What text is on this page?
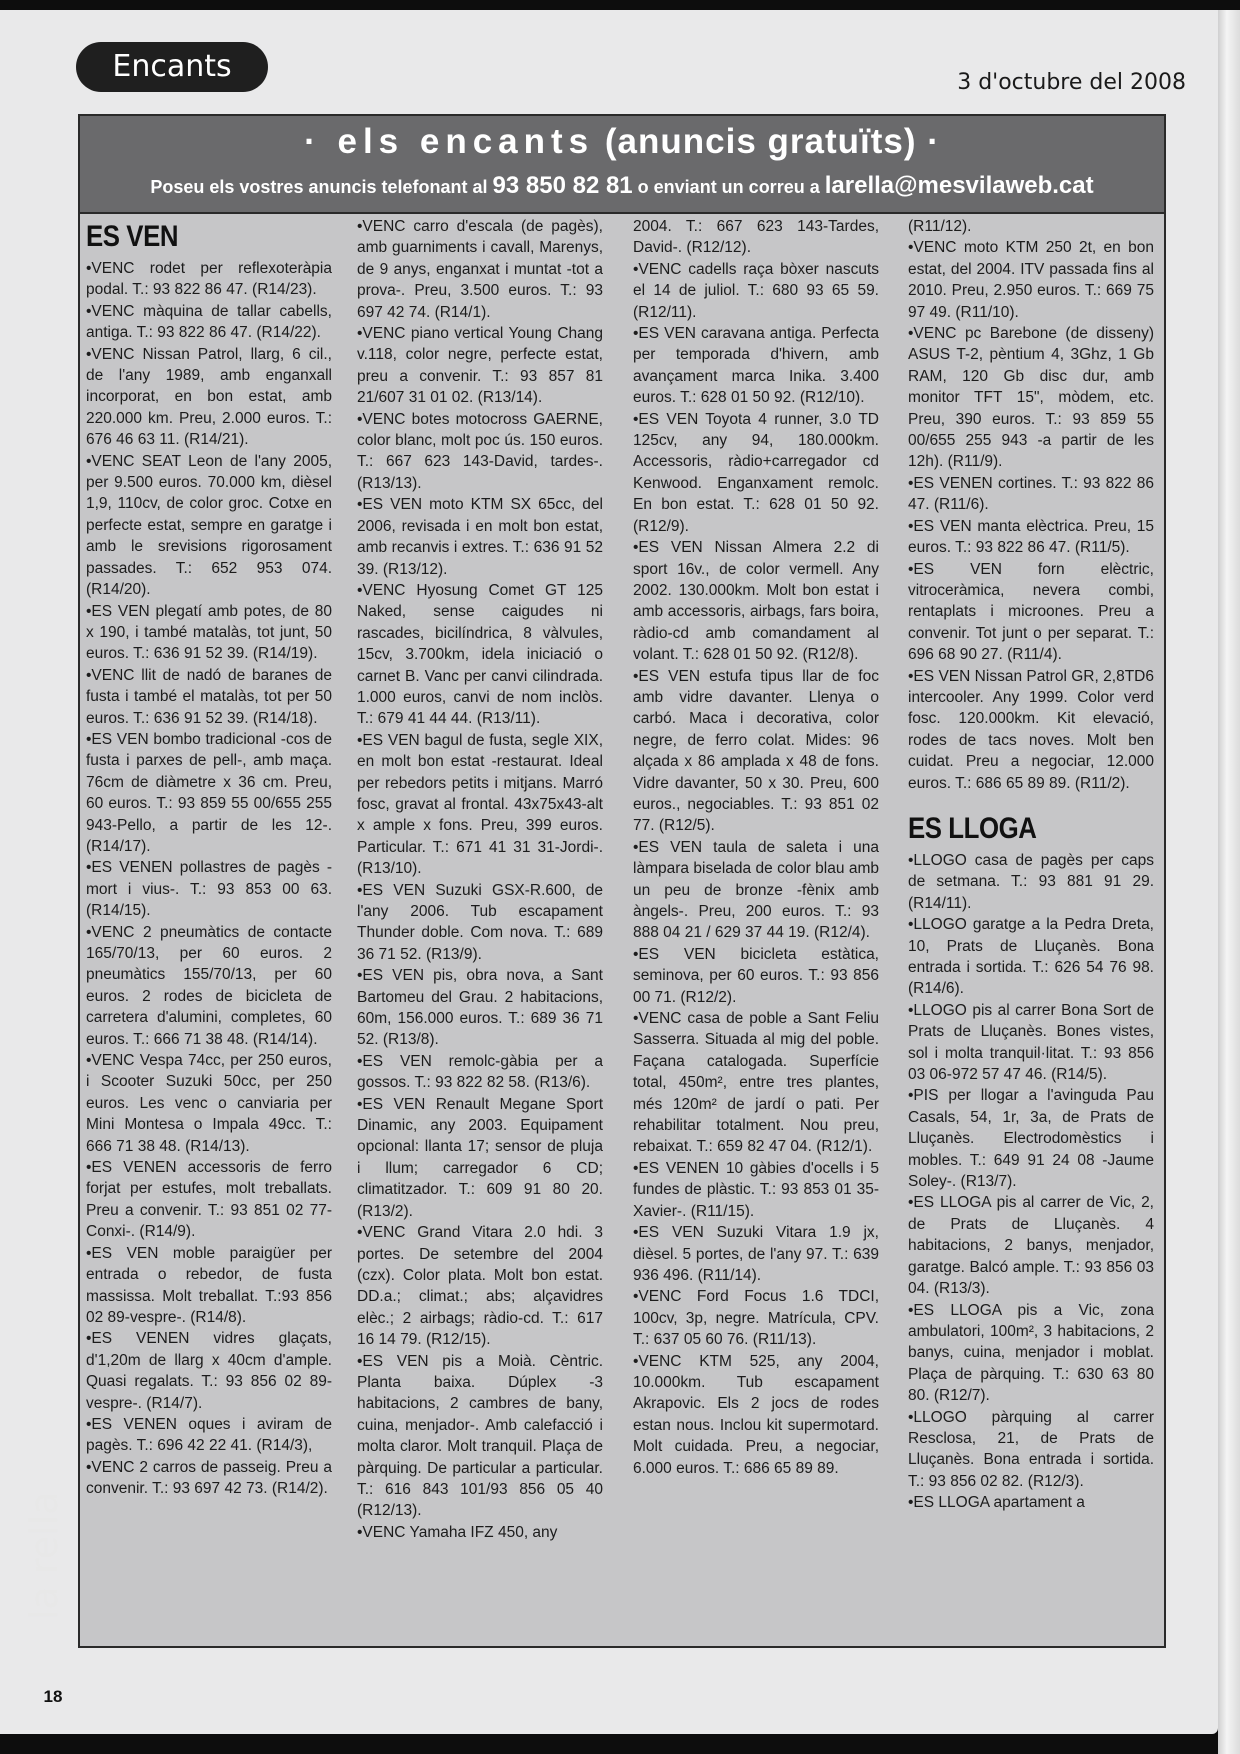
Encants	3 d'octubre del 2008
· els encants (anuncis gratuïts) ·
Poseu els vostres anuncis telefonant al 93 850 82 81 o enviant un correu a larella@mesvilaweb.cat
ES VEN

•VENC rodet per reflexoteràpia podal. T.: 93 822 86 47. (R14/23).

•VENC màquina de tallar cabells, antiga. T.: 93 822 86 47. (R14/22).

•VENC Nissan Patrol, llarg, 6 cil., de l'any 1989, amb enganxall incorporat, en bon estat, amb 220.000 km. Preu, 2.000 euros. T.: 676 46 63 11. (R14/21).

•VENC SEAT Leon de l'any 2005, per 9.500 euros. 70.000 km, dièsel 1,9, 110cv, de color groc. Cotxe en perfecte estat, sempre en garatge i amb le srevisions rigorosament passades. T.: 652 953 074. (R14/20).

•ES VEN plegatí amb potes, de 80 x 190, i també matalàs, tot junt, 50 euros. T.: 636 91 52 39. (R14/19).

•VENC llit de nadó de baranes de fusta i també el matalàs, tot per 50 euros. T.: 636 91 52 39. (R14/18).

•ES VEN bombo tradicional -cos de fusta i parxes de pell-, amb maça. 76cm de diàmetre x 36 cm. Preu, 60 euros. T.: 93 859 55 00/655 255 943-Pello, a partir de les 12-. (R14/17).

•ES VENEN pollastres de pagès -mort i vius-. T.: 93 853 00 63. (R14/15).

•VENC 2 pneumàtics de contacte 165/70/13, per 60 euros. 2 pneumàtics 155/70/13, per 60 euros. 2 rodes de bicicleta de carretera d'alumini, completes, 60 euros. T.: 666 71 38 48. (R14/14).

•VENC Vespa 74cc, per 250 euros, i Scooter Suzuki 50cc, per 250 euros. Les venc o canviaria per Mini Montesa o Impala 49cc. T.: 666 71 38 48. (R14/13).

•ES VENEN accessoris de ferro forjat per estufes, molt treballats. Preu a convenir. T.: 93 851 02 77-Conxi-. (R14/9).

•ES VEN moble paraigüer per entrada o rebedor, de fusta massissa. Molt treballat. T.:93 856 02 89-vespre-. (R14/8).

•ES VENEN vidres glaçats, d'1,20m de llarg x 40cm d'ample. Quasi regalats. T.: 93 856 02 89-vespre-. (R14/7).

•ES VENEN oques i aviram de pagès. T.: 696 42 22 41. (R14/3),

•VENC 2 carros de passeig. Preu a convenir. T.: 93 697 42 73. (R14/2).

•VENC carro d'escala (de pagès), amb guarniments i cavall, Marenys, de 9 anys, enganxat i muntat -tot a prova-. Preu, 3.500 euros. T.: 93 697 42 74. (R14/1).

•VENC piano vertical Young Chang v.118, color negre, perfecte estat, preu a convenir. T.: 93 857 81 21/607 31 01 02. (R13/14).

•VENC botes motocross GAERNE, color blanc, molt poc ús. 150 euros. T.: 667 623 143-David, tardes-. (R13/13).

•ES VEN moto KTM SX 65cc, del 2006, revisada i en molt bon estat, amb recanvis i extres. T.: 636 91 52 39. (R13/12).

•VENC Hyosung Comet GT 125 Naked, sense caigudes ni rascades, bicilíndrica, 8 vàlvules, 15cv, 3.700km, idela iniciació o carnet B. Vanc per canvi cilindrada. 1.000 euros, canvi de nom inclòs. T.: 679 41 44 44. (R13/11).

•ES VEN bagul de fusta, segle XIX, en molt bon estat -restaurat. Ideal per rebedors petits i mitjans. Marró fosc, gravat al frontal. 43x75x43-alt x ample x fons. Preu, 399 euros. Particular. T.: 671 41 31 31-Jordi-. (R13/10).

•ES VEN Suzuki GSX-R.600, de l'any 2006. Tub escapament Thunder doble. Com nova. T.: 689 36 71 52. (R13/9).

•ES VEN pis, obra nova, a Sant Bartomeu del Grau. 2 habitacions, 60m, 156.000 euros. T.: 689 36 71 52. (R13/8).

•ES VEN remolc-gàbia per a gossos. T.: 93 822 82 58. (R13/6).

•ES VEN Renault Megane Sport Dinamic, any 2003. Equipament opcional: llanta 17; sensor de pluja i llum; carregador 6 CD; climatitzador. T.: 609 91 80 20. (R13/2).

•VENC Grand Vitara 2.0 hdi. 3 portes. De setembre del 2004 (czx). Color plata. Molt bon estat. DD.a.; climat.; abs; alçavidres elèc.; 2 airbags; ràdio-cd. T.: 617 16 14 79. (R12/15).

•ES VEN pis a Moià. Cèntric. Planta baixa. Dúplex -3 habitacions, 2 cambres de bany, cuina, menjador-. Amb calefacció i molta claror. Molt tranquil. Plaça de pàrquing. De particular a particular. T.: 616 843 101/93 856 05 40 (R12/13).

•VENC Yamaha IFZ 450, any

2004. T.: 667 623 143-Tardes, David-. (R12/12).

•VENC cadells raça bòxer nascuts el 14 de juliol. T.: 680 93 65 59. (R12/11).

•ES VEN caravana antiga. Perfecta per temporada d'hivern, amb avançament marca Inika. 3.400 euros. T.: 628 01 50 92. (R12/10).

•ES VEN Toyota 4 runner, 3.0 TD 125cv, any 94, 180.000km. Accessoris, ràdio+carregador cd Kenwood. Enganxament remolc. En bon estat. T.: 628 01 50 92. (R12/9).

•ES VEN Nissan Almera 2.2 di sport 16v., de color vermell. Any 2002. 130.000km. Molt bon estat i amb accessoris, airbags, fars boira, ràdio-cd amb comandament al volant. T.: 628 01 50 92. (R12/8).

•ES VEN estufa tipus llar de foc amb vidre davanter. Llenya o carbó. Maca i decorativa, color negre, de ferro colat. Mides: 96 alçada x 86 amplada x 48 de fons. Vidre davanter, 50 x 30. Preu, 600 euros., negociables. T.: 93 851 02 77. (R12/5).

•ES VEN taula de saleta i una làmpara biselada de color blau amb un peu de bronze -fènix amb àngels-. Preu, 200 euros. T.: 93 888 04 21 / 629 37 44 19. (R12/4).

•ES VEN bicicleta estàtica, seminova, per 60 euros. T.: 93 856 00 71. (R12/2).

•VENC casa de poble a Sant Feliu Sasserra. Situada al mig del poble. Façana catalogada. Superfície total, 450m², entre tres plantes, més 120m² de jardí o pati. Per rehabilitar totalment. Nou preu, rebaixat. T.: 659 82 47 04. (R12/1).

•ES VENEN 10 gàbies d'ocells i 5 fundes de plàstic. T.: 93 853 01 35-Xavier-. (R11/15).

•ES VEN Suzuki Vitara 1.9 jx, dièsel. 5 portes, de l'any 97. T.: 639 936 496. (R11/14).

•VENC Ford Focus 1.6 TDCI, 100cv, 3p, negre. Matrícula, CPV. T.: 637 05 60 76. (R11/13).

•VENC KTM 525, any 2004, 10.000km. Tub escapament Akrapovic. Els 2 jocs de rodes estan nous. Inclou kit supermotard. Molt cuidada. Preu, a negociar, 6.000 euros. T.: 686 65 89 89.

(R11/12).

•VENC moto KTM 250 2t, en bon estat, del 2004. ITV passada fins al 2010. Preu, 2.950 euros. T.: 669 75 97 49. (R11/10).

•VENC pc Barebone (de disseny) ASUS T-2, pèntium 4, 3Ghz, 1 Gb RAM, 120 Gb disc dur, amb monitor TFT 15", mòdem, etc. Preu, 390 euros. T.: 93 859 55 00/655 255 943 -a partir de les 12h). (R11/9).

•ES VENEN cortines. T.: 93 822 86 47. (R11/6).

•ES VEN manta elèctrica. Preu, 15 euros. T.: 93 822 86 47. (R11/5).

•ES VEN forn elèctric, vitroceràmica, nevera combi, rentaplats i microones. Preu a convenir. Tot junt o per separat. T.: 696 68 90 27. (R11/4).

•ES VEN Nissan Patrol GR, 2,8TD6 intercooler. Any 1999. Color verd fosc. 120.000km. Kit elevació, rodes de tacs noves. Molt ben cuidat. Preu a negociar, 12.000 euros. T.: 686 65 89 89. (R11/2).

ES LLOGA

•LLOGO casa de pagès per caps de setmana. T.: 93 881 91 29. (R14/11).

•LLOGO garatge a la Pedra Dreta, 10, Prats de Lluçanès. Bona entrada i sortida. T.: 626 54 76 98. (R14/6).

•LLOGO pis al carrer Bona Sort de Prats de Lluçanès. Bones vistes, sol i molta tranquil·litat. T.: 93 856 03 06-972 57 47 46. (R14/5).

•PIS per llogar a l'avinguda Pau Casals, 54, 1r, 3a, de Prats de Lluçanès. Electrodomèstics i mobles. T.: 649 91 24 08 -Jaume Soley-. (R13/7).

•ES LLOGA pis al carrer de Vic, 2, de Prats de Lluçanès. 4 habitacions, 2 banys, menjador, garatge. Balcó ample. T.: 93 856 03 04. (R13/3).

•ES LLOGA pis a Vic, zona ambulatori, 100m², 3 habitacions, 2 banys, cuina, menjador i moblat. Plaça de pàrquing. T.: 630 63 80 80. (R12/7).

•LLOGO pàrquing al carrer Resclosa, 21, de Prats de Lluçanès. Bona entrada i sortida. T.: 93 856 02 82. (R12/3).

•ES LLOGA apartament a

la rella
18
